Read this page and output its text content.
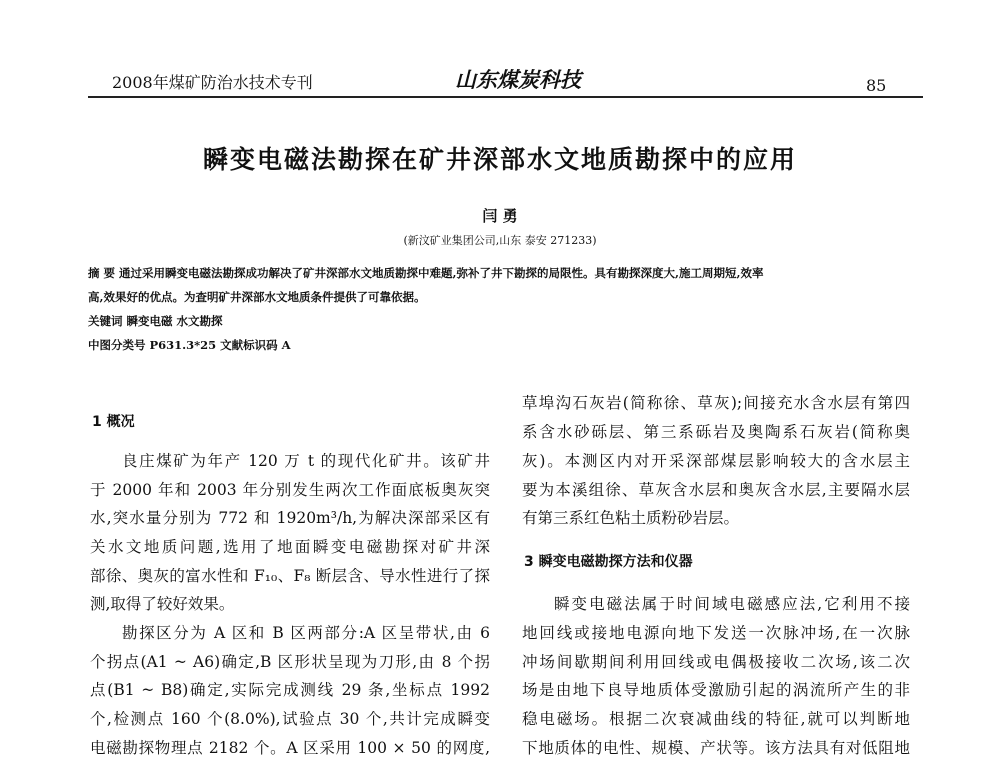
2008年煤矿防治水技术专刊	山东煤炭科技	85
瞬变电磁法勘探在矿井深部水文地质勘探中的应用
闫 勇
(新汶矿业集团公司,山东 泰安 271233)
摘 要 通过采用瞬变电磁法勘探成功解决了矿井深部水文地质勘探中难题,弥补了井下勘探的局限性。具有勘探深度大,施工周期短,效率
高,效果好的优点。为查明矿井深部水文地质条件提供了可靠依据。
关键词 瞬变电磁 水文勘探
中图分类号 P631.3*25 文献标识码 A
1 概况
良庄煤矿为年产 120 万 t 的现代化矿井。该矿井
于 2000 年和 2003 年分别发生两次工作面底板奥灰突
水,突水量分别为 772 和 1920m³/h,为解决深部采区有
关水文地质问题,选用了地面瞬变电磁勘探对矿井深
部徐、奥灰的富水性和 F₁₀、F₈ 断层含、导水性进行了探
测,取得了较好效果。
勘探区分为 A 区和 B 区两部分:A 区呈带状,由 6
个拐点(A1 ~ A6)确定,B 区形状呈现为刀形,由 8 个拐
点(B1 ~ B8)确定,实际完成测线 29 条,坐标点 1992
个,检测点 160 个(8.0%),试验点 30 个,共计完成瞬变
电磁勘探物理点 2182 个。A 区采用 100 × 50 的网度,
草埠沟石灰岩(简称徐、草灰);间接充水含水层有第四
系含水砂砾层、第三系砾岩及奥陶系石灰岩(简称奥
灰)。本测区内对开采深部煤层影响较大的含水层主
要为本溪组徐、草灰含水层和奥灰含水层,主要隔水层
有第三系红色粘土质粉砂岩层。
3 瞬变电磁勘探方法和仪器
瞬变电磁法属于时间域电磁感应法,它利用不接
地回线或接地电源向地下发送一次脉冲场,在一次脉
冲场间歇期间利用回线或电偶极接收二次场,该二次
场是由地下良导地质体受激励引起的涡流所产生的非
稳电磁场。根据二次衰减曲线的特征,就可以判断地
下地质体的电性、规模、产状等。该方法具有对低阻地
